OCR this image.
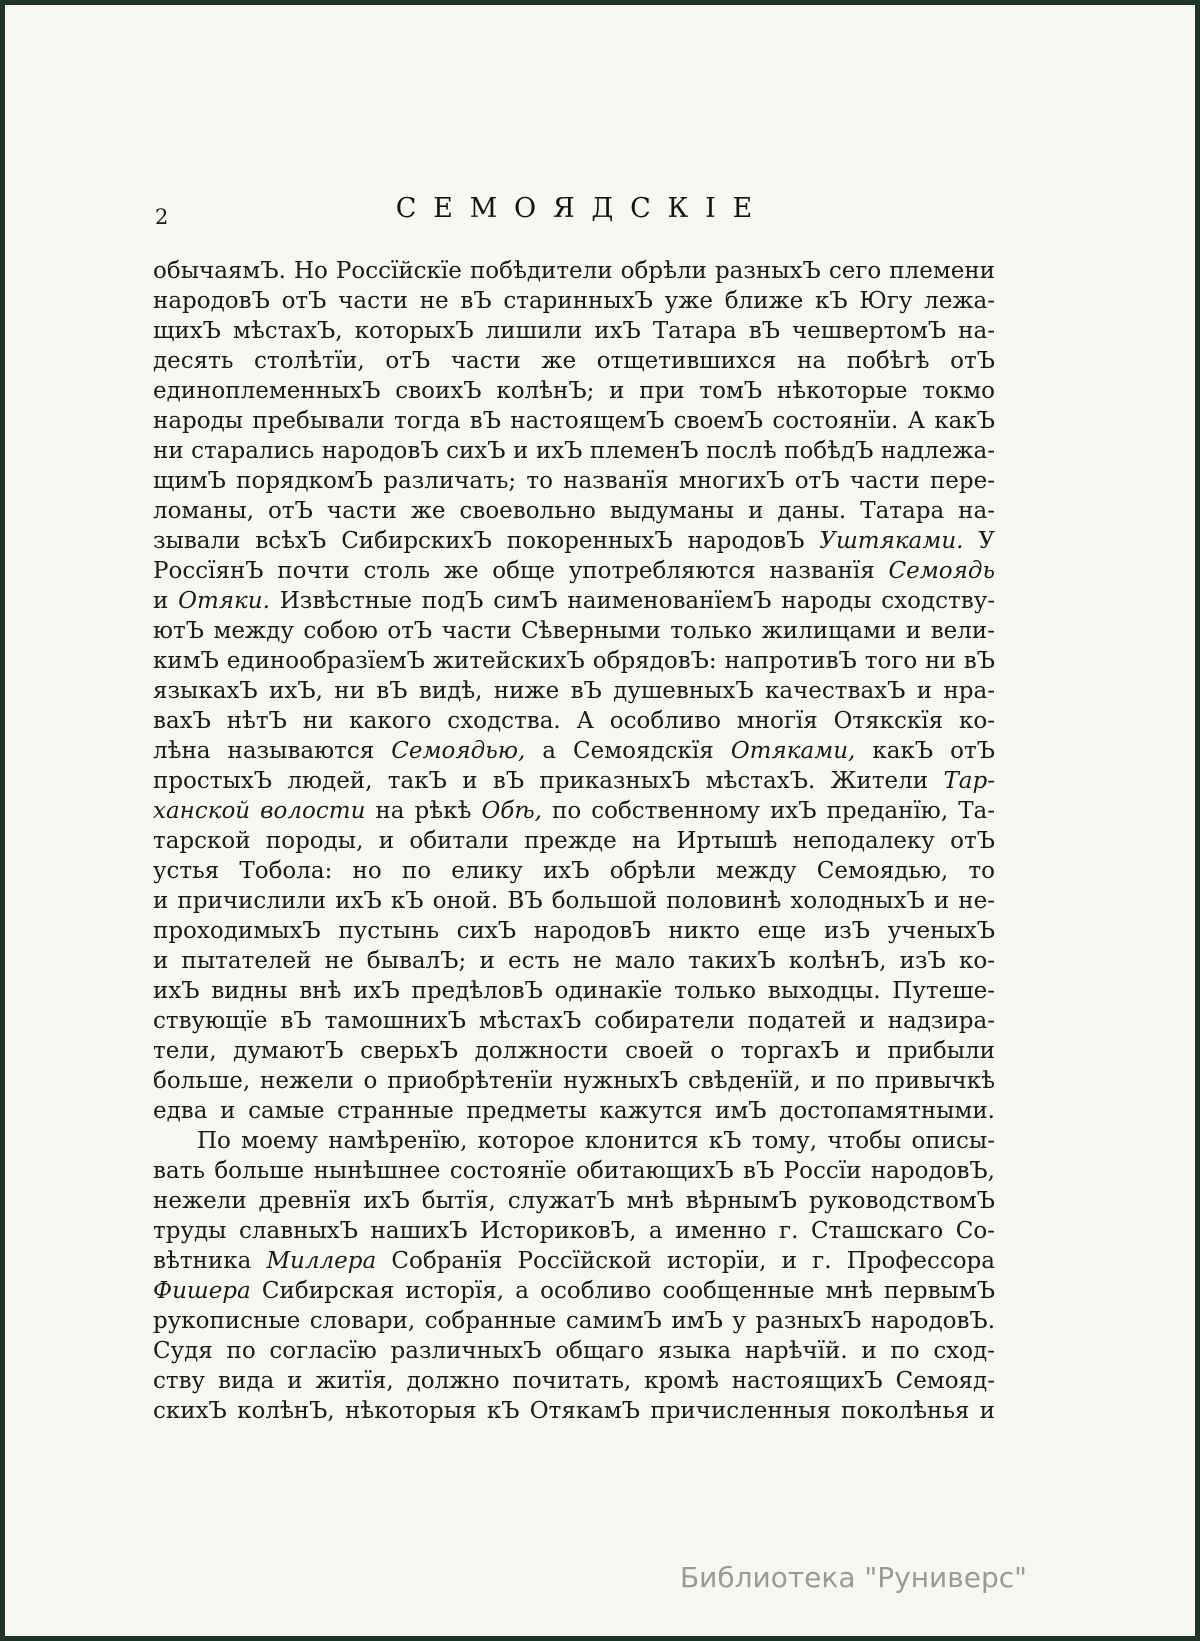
2	СЕМОЯДСКІЕ
обычаямЪ. Но Россїйскїе побѣдители обрѣли разныхЪ сего племени
народовЪ отЪ части не вЪ старинныхЪ уже ближе кЪ Югу лежа-
щихЪ мѣстахЪ, которыхЪ лишили ихЪ Татара вЪ чешвертомЪ на-
десять столѣтїи, отЪ части же отщетившихся на побѣгѣ отЪ
единоплеменныхЪ своихЪ колѣнЪ; и при томЪ нѣкоторые токмо
народы пребывали тогда вЪ настоящемЪ своемЪ состоянїи. А какЪ
ни старались народовЪ сихЪ и ихЪ племенЪ послѣ побѣдЪ надлежа-
щимЪ порядкомЪ различать; то названїя многихЪ отЪ части пере-
ломаны, отЪ части же своевольно выдуманы и даны. Татара на-
зывали всѣхЪ СибирскихЪ покоренныхЪ народовЪ Уштяками. У
РоссїянЪ почти столь же обще употребляются названїя Семоядь
и Отяки. Извѣстные подЪ симЪ наименованїемЪ народы сходству-
ютЪ между собою отЪ части Сѣверными только жилищами и вели-
кимЪ единообразїемЪ житейскихЪ обрядовЪ: напротивЪ того ни вЪ
языкахЪ ихЪ, ни вЪ видѣ, ниже вЪ душевныхЪ качествахЪ и нра-
вахЪ нѣтЪ ни какого сходства. А особливо многїя Отякскїя ко-
лѣна называются Семоядью, а Семоядскїя Отяками, какЪ отЪ
простыхЪ людей, такЪ и вЪ приказныхЪ мѣстахЪ. Жители Тар-
ханской волости на рѣкѣ Обѣ, по собственному ихЪ преданїю, Та-
тарской породы, и обитали прежде на Иртышѣ неподалеку отЪ
устья Тобола: но по елику ихЪ обрѣли между Семоядью, то
и причислили ихЪ кЪ оной. ВЪ большой половинѣ холодныхЪ и не-
проходимыхЪ пустынь сихЪ народовЪ никто еще изЪ ученыхЪ
и пытателей не бывалЪ; и есть не мало такихЪ колѣнЪ, изЪ ко-
ихЪ видны внѣ ихЪ предѣловЪ одинакїе только выходцы. Путеше-
ствующїе вЪ тамошнихЪ мѣстахЪ собиратели податей и надзира-
тели, думаютЪ сверьхЪ должности своей о торгахЪ и прибыли
больше, нежели о приобрѣтенїи нужныхЪ свѣденїй, и по привычкѣ
едва и самые странные предметы кажутся имЪ достопамятными.
По моему намѣренїю, которое клонится кЪ тому, чтобы описы-
вать больше нынѣшнее состоянїе обитающихЪ вЪ Россїи народовЪ,
нежели древнїя ихЪ бытїя, служатЪ мнѣ вѣрнымЪ руководствомЪ
труды славныхЪ нашихЪ ИсториковЪ, а именно г. Сташскаго Со-
вѣтника Миллера Собранїя Россїйской исторїи, и г. Профессора
Фишера Сибирская исторїя, а особливо сообщенные мнѣ первымЪ
рукописные словари, собранные самимЪ имЪ у разныхЪ народовЪ.
Судя по согласїю различныхЪ общаго языка нарѣчїй. и по сход-
ству вида и житїя, должно почитать, кромѣ настоящихЪ Семояд-
скихЪ колѣнЪ, нѣкоторыя кЪ ОтякамЪ причисленныя поколѣнья и
Библиотека "Руниверс"
